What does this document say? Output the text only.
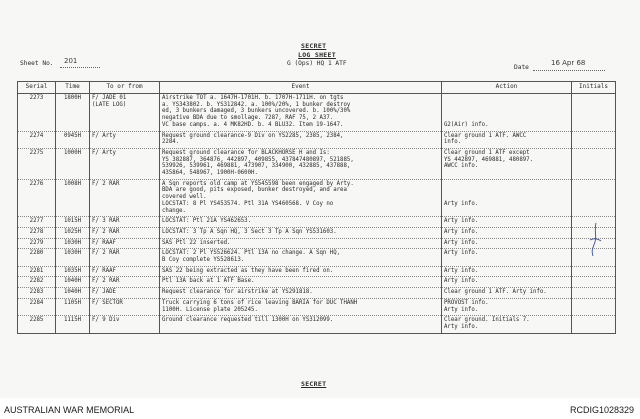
SECRET
LOG SHEET
G (Ops) HQ 1 ATF
Sheet No. 201
Date
16 Apr 68
Serial	Time	To or from	Event	Action	Initials
2273	1800H	F/ JADE 01
(LATE LOG)	Airstrike TOT a. 1647H-1701H. b. 1707H-1711H. on tgts
a. YS343802. b. YS312842. a. 100%/20%, 1 bunker destroy
ed, 3 bunkers damaged, 3 bunkers uncovered. b. 100%/30%
negative BDA due to smollage. 7287, RAF 75, 2 A37.
VC base camps. a. 4 MK82HD. b. 4 BLU32. Item 19-1647.	G2(Air) info.	
2274	0945H	F/ Arty	Request ground clearance-9 Div on YS2285, 2385, 2384,
2284.	Clear ground 1 ATF. AWCC
info.	
2275	1000H	F/ Arty	Request ground clearance for BLACKHORSE H and Is:
YS 382887, 364876, 442897, 409855, 437847480897, 521885,
539926, 539961, 469881, 473907, 334900, 432885, 437888,
435864, 548967, 1900H-0600H.	Clear ground 1 ATF except
YS 442897, 469881, 480897.
AWCC info.	
2276	1008H	F/ 2 RAR	A Sqn reports old camp at YS545598 been engaged by Arty.
BDA are good, pits exposed, bunker destroyed, and area
covered well.
LOCSTAT: 8 Pl YS453574. Ptl 31A YS460568. V Coy no
change.	

Arty info.	
2277	1015H	F/ 3 RAR	LOCSTAT: Ptl 21A YS462653.	Arty info.	
2278	1025H	F/ 2 RAR	LOCSTAT: 3 Tp A Sqn HQ, 3 Sect 3 Tp A Sqn YS531603.	Arty info.	
2279	1030H	F/ RAAF	SAS Ptl 22 inserted.	Arty info.	
2280	1030H	F/ 2 RAR	LOCSTAT: 2 Pl YS526624. Ptl 13A no change. A Sqn HQ,
B Coy complete YS528613.	Arty info.	
2281	1035H	F/ RAAF	SAS 22 being extracted as they have been fired on.	Arty info.	
2282	1040H	F/ 2 RAR	Ptl 13A back at 1 ATF Base.	Arty info.	
2283	1040H	F/ JADE	Request clearance for airstrike at YS291818.	Clear ground 1 ATF. Arty info.	
2284	1105H	F/ SECTOR	Truck carrying 6 tons of rice leaving BARIA for DUC THANH
1100H. License plate 205245.	PROVOST info.
Arty info.	
2285	1115H	F/ 9 Div	Ground clearance requested till 1300H on YS312099.	Clear ground. Initials 7.
Arty info.	
SECRET
AUSTRALIAN WAR MEMORIAL	RCDIG1028329
